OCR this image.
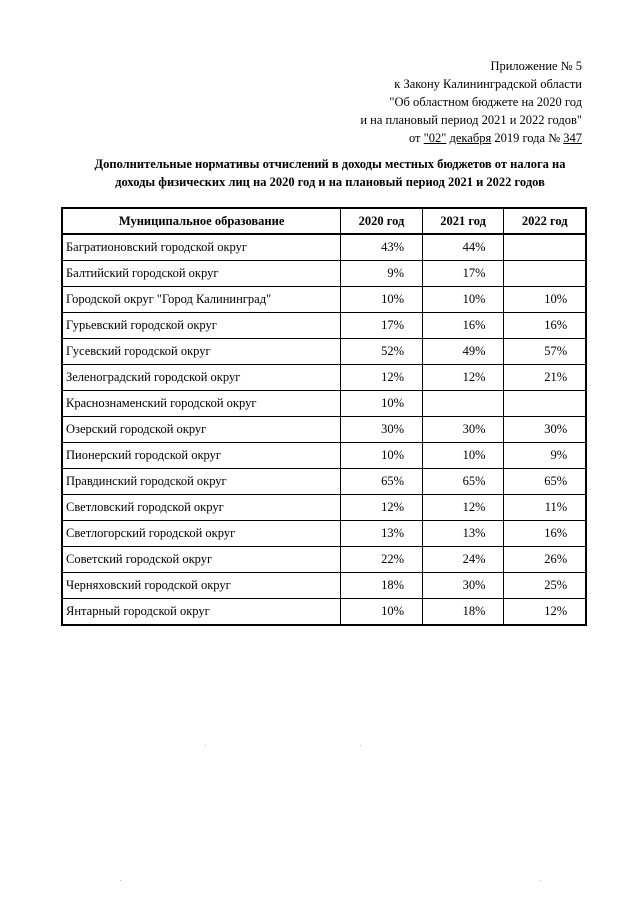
Приложение № 5
к Закону Калининградской области
"Об областном бюджете на 2020 год
и на плановый период 2021 и 2022 годов"
от "02" декабря 2019 года № 347
Дополнительные нормативы отчислений в доходы местных бюджетов от налога на
доходы физических лиц на 2020 год и на плановый период 2021 и 2022 годов
Муниципальное образование	2020 год	2021 год	2022 год
Багратионовский городской округ	43%	44%	
Балтийский городской округ	9%	17%	
Городской округ "Город Калининград"	10%	10%	10%
Гурьевский городской округ	17%	16%	16%
Гусевский городской округ	52%	49%	57%
Зеленоградский городской округ	12%	12%	21%
Краснознаменский городской округ	10%		
Озерский городской округ	30%	30%	30%
Пионерский городской округ	10%	10%	9%
Правдинский городской округ	65%	65%	65%
Светловский городской округ	12%	12%	11%
Светлогорский городской округ	13%	13%	16%
Советский городской округ	22%	24%	26%
Черняховский городской округ	18%	30%	25%
Янтарный городской округ	10%	18%	12%
